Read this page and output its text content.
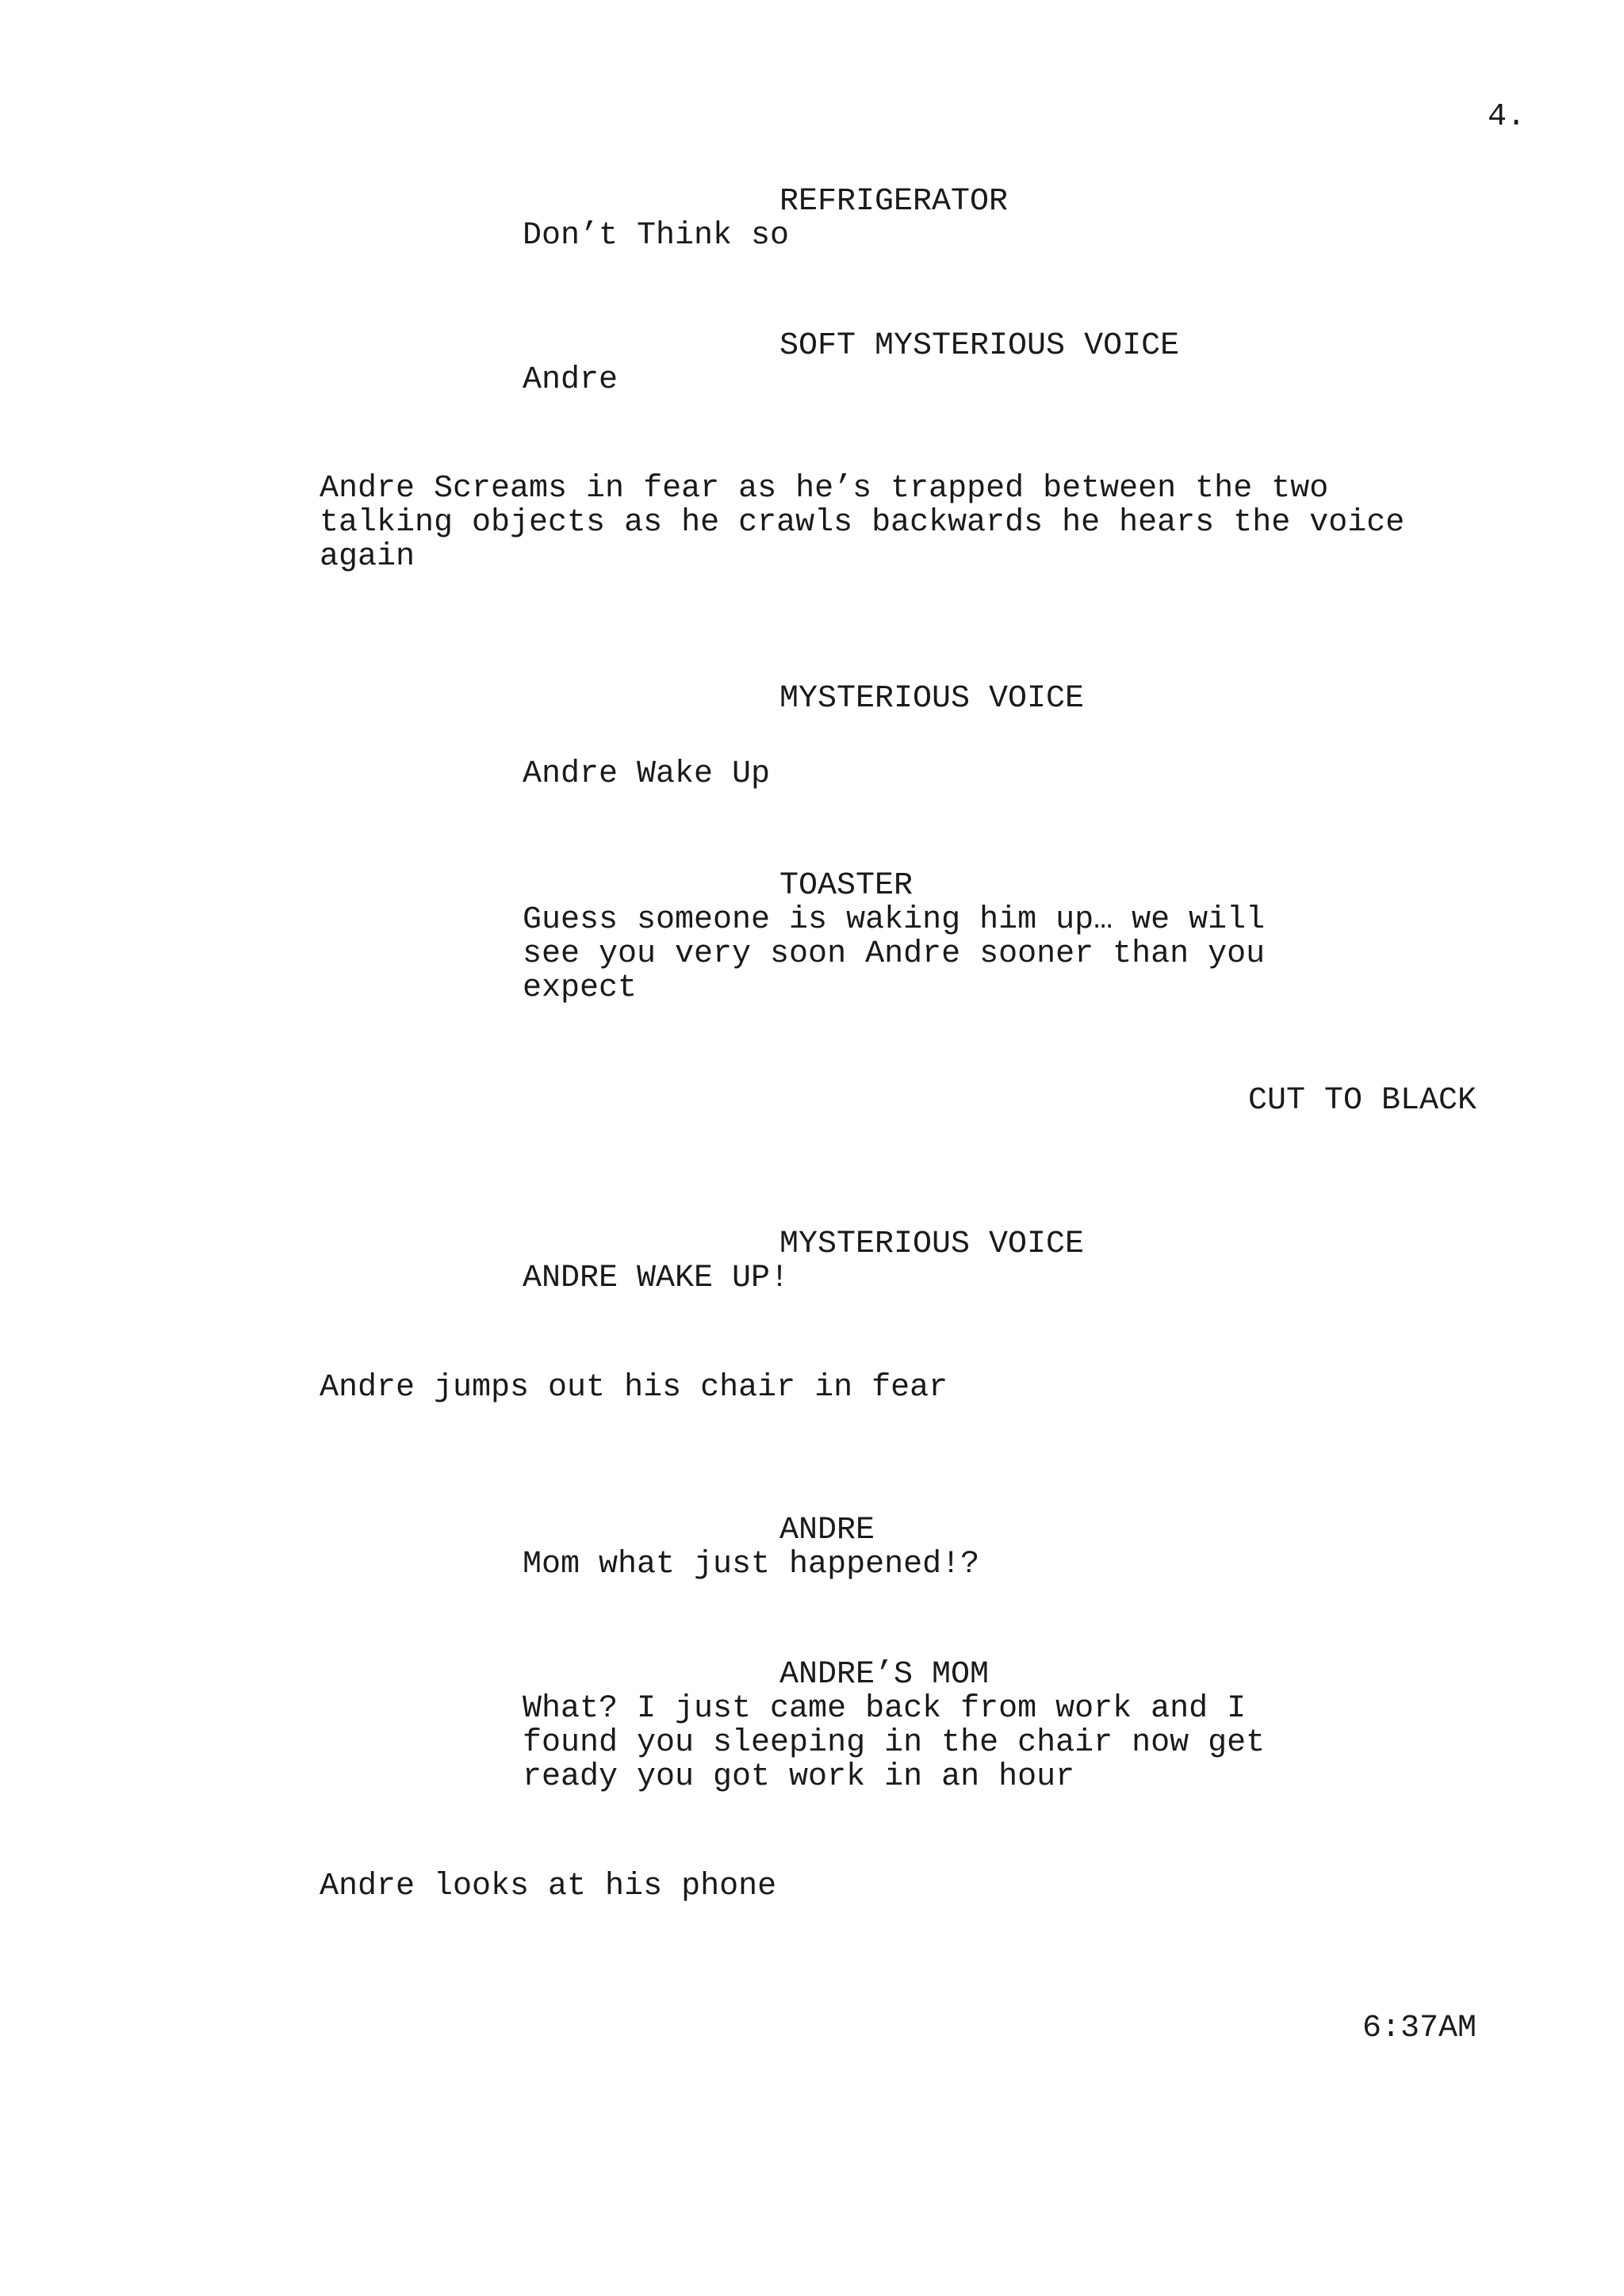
4.
REFRIGERATOR
Don’t Think so
SOFT MYSTERIOUS VOICE
Andre
Andre Screams in fear as he’s trapped between the two
talking objects as he crawls backwards he hears the voice
again
MYSTERIOUS VOICE
Andre Wake Up
TOASTER
Guess someone is waking him up… we will
see you very soon Andre sooner than you
expect
CUT TO BLACK
MYSTERIOUS VOICE
ANDRE WAKE UP!
Andre jumps out his chair in fear
ANDRE
Mom what just happened!?
ANDRE’S MOM
What? I just came back from work and I
found you sleeping in the chair now get
ready you got work in an hour
Andre looks at his phone
6:37AM
